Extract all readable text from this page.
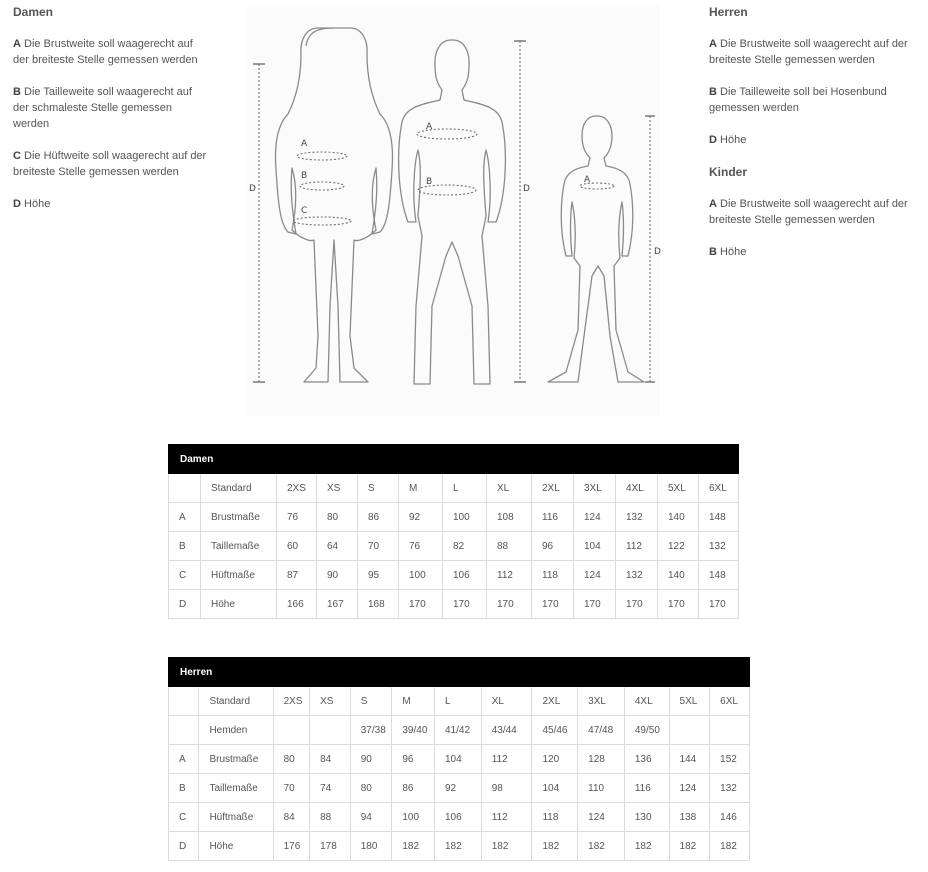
Damen

A Die Brustweite soll waagerecht auf der breiteste Stelle gemessen werden

B Die Tailleweite soll waagerecht auf der schmaleste Stelle gemessen werden

C Die Hüftweite soll waagerecht auf der breiteste Stelle gemessen werden

D Höhe

A
B
C
D
A
B
D
A
D
Herren

A Die Brustweite soll waagerecht auf der breiteste Stelle gemessen werden

B Die Tailleweite soll bei Hosenbund gemessen werden

D Höhe

Kinder

A Die Brustweite soll waagerecht auf der breiteste Stelle gemessen werden

B Höhe

Damen												
	Standard	2XS	XS	S	M	L	XL	2XL	3XL	4XL	5XL	6XL
A	Brustmaße	76	80	86	92	100	108	116	124	132	140	148
B	Taillemaße	60	64	70	76	82	88	96	104	112	122	132
C	Hüftmaße	87	90	95	100	106	112	118	124	132	140	148
D	Höhe	166	167	168	170	170	170	170	170	170	170	170
Herren												
	Standard	2XS	XS	S	M	L	XL	2XL	3XL	4XL	5XL	6XL
	Hemden			37/38	39/40	41/42	43/44	45/46	47/48	49/50		
A	Brustmaße	80	84	90	96	104	112	120	128	136	144	152
B	Taillemaße	70	74	80	86	92	98	104	110	116	124	132
C	Hüftmaße	84	88	94	100	106	112	118	124	130	138	146
D	Höhe	176	178	180	182	182	182	182	182	182	182	182
